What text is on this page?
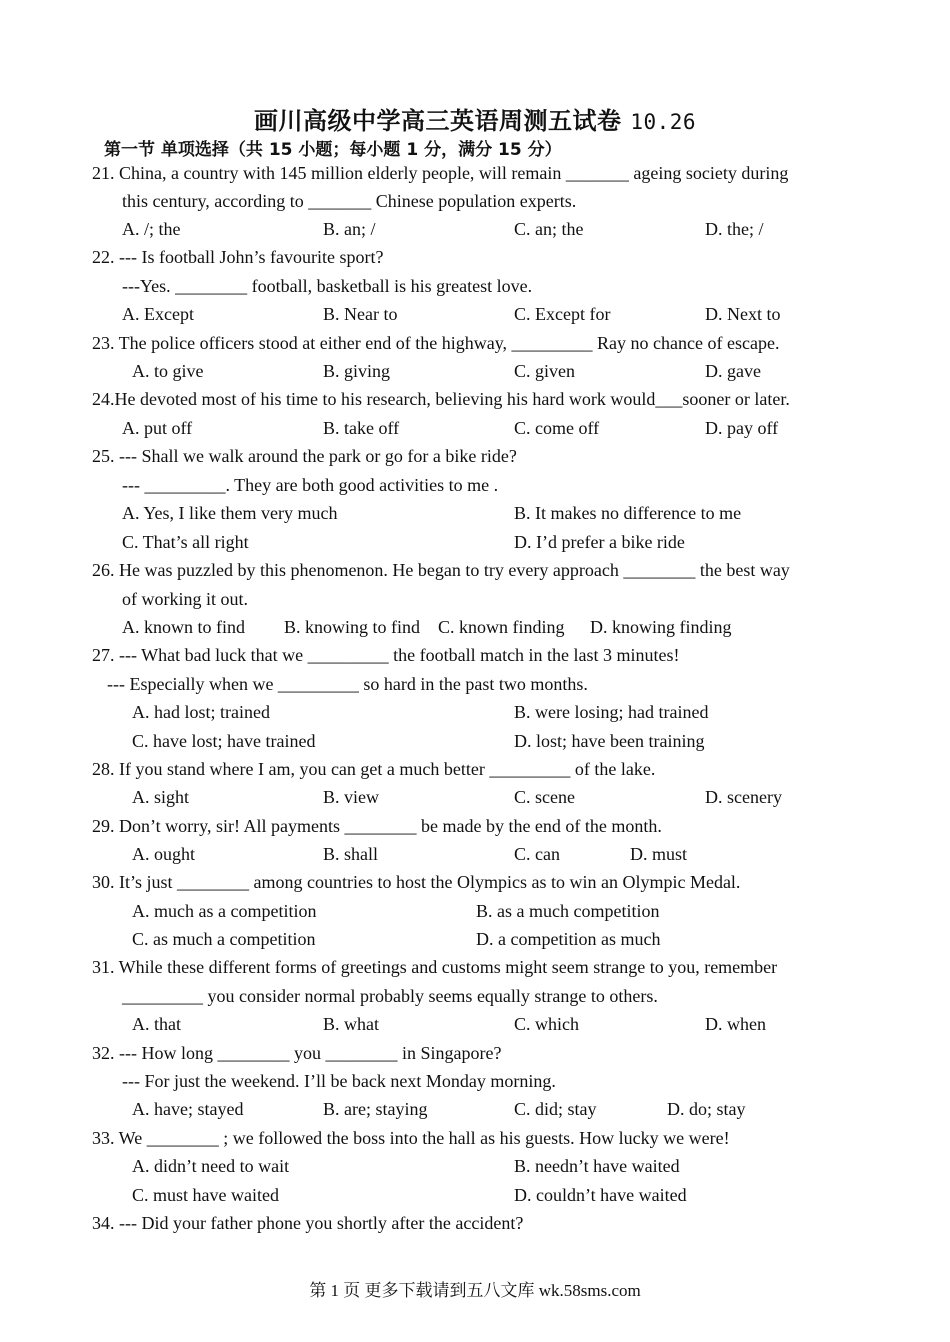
画川高级中学高三英语周测五试卷 10.26
第一节 单项选择（共 15 小题；每小题 1 分，满分 15 分）
21. China, a country with 145 million elderly people, will remain _______ ageing society during
this century, according to _______ Chinese population experts.
A. /; the	B. an; /	C. an; the	D. the; /
22. --- Is football John’s favourite sport?
---Yes. ________ football, basketball is his greatest love.
A. Except	B. Near to	C. Except for	D. Next to
23. The police officers stood at either end of the highway, _________ Ray no chance of escape.
A. to give	B. giving	C. given	D. gave
24.He devoted most of his time to his research, believing his hard work would___sooner or later.
A. put off	B. take off	C. come off	D. pay off
25. --- Shall we walk around the park or go for a bike ride?
--- _________. They are both good activities to me .
A. Yes, I like them very much	B. It makes no difference to me
C. That’s all right	D. I’d prefer a bike ride
26. He was puzzled by this phenomenon. He began to try every approach ________ the best way
of working it out.
A. known to find B. knowing to find C. known finding D. knowing finding
27. --- What bad luck that we _________ the football match in the last 3 minutes!
--- Especially when we _________ so hard in the past two months.
A. had lost; trained	B. were losing; had trained
C. have lost; have trained	D. lost; have been training
28. If you stand where I am, you can get a much better _________ of the lake.
A. sight	B. view	C. scene	D. scenery
29. Don’t worry, sir! All payments ________ be made by the end of the month.
A. ought	B. shall	C. can	D. must
30. It’s just ________ among countries to host the Olympics as to win an Olympic Medal.
A. much as a competition	B. as a much competition
C. as much a competition	D. a competition as much
31. While these different forms of greetings and customs might seem strange to you, remember
_________ you consider normal probably seems equally strange to others.
A. that	B. what	C. which	D. when
32. --- How long ________ you ________ in Singapore?
--- For just the weekend. I’ll be back next Monday morning.
A. have; stayed	B. are; staying	C. did; stay	D. do; stay
33. We ________ ; we followed the boss into the hall as his guests. How lucky we were!
A. didn’t need to wait	B. needn’t have waited
C. must have waited	D. couldn’t have waited
34. --- Did your father phone you shortly after the accident?
第 1 页 更多下载请到五八文库 wk.58sms.com
